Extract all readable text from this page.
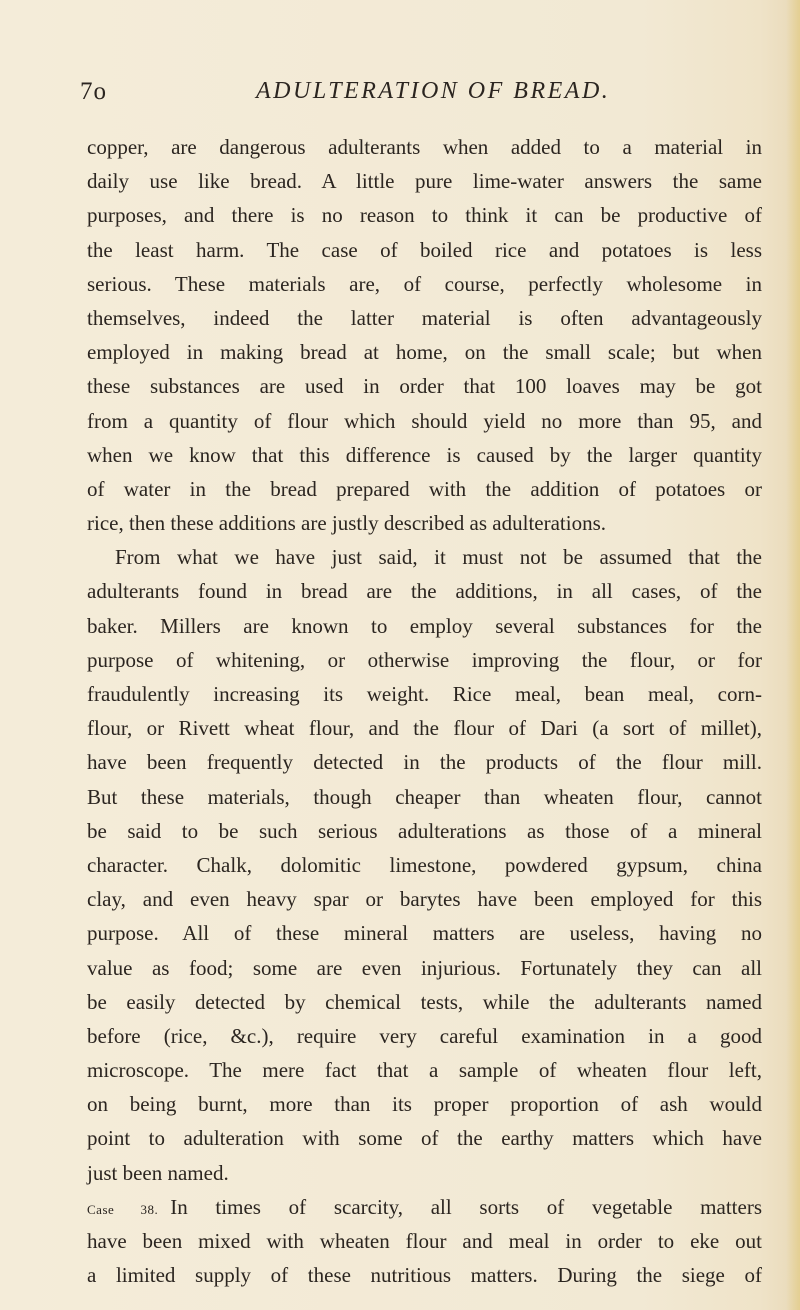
7o	ADULTERATION OF BREAD.
copper, are dangerous adulterants when added to a material in
daily use like bread. A little pure lime-water answers the same
purposes, and there is no reason to think it can be productive of
the least harm. The case of boiled rice and potatoes is less
serious. These materials are, of course, perfectly wholesome in
themselves, indeed the latter material is often advantageously
employed in making bread at home, on the small scale; but when
these substances are used in order that 100 loaves may be got
from a quantity of flour which should yield no more than 95, and
when we know that this difference is caused by the larger quantity
of water in the bread prepared with the addition of potatoes or
rice, then these additions are justly described as adulterations.
From what we have just said, it must not be assumed that the
adulterants found in bread are the additions, in all cases, of the
baker. Millers are known to employ several substances for the
purpose of whitening, or otherwise improving the flour, or for
fraudulently increasing its weight. Rice meal, bean meal, corn-
flour, or Rivett wheat flour, and the flour of Dari (a sort of millet),
have been frequently detected in the products of the flour mill.
But these materials, though cheaper than wheaten flour, cannot
be said to be such serious adulterations as those of a mineral
character. Chalk, dolomitic limestone, powdered gypsum, china
clay, and even heavy spar or barytes have been employed for this
purpose. All of these mineral matters are useless, having no
value as food; some are even injurious. Fortunately they can all
be easily detected by chemical tests, while the adulterants named
before (rice, &c.), require very careful examination in a good
microscope. The mere fact that a sample of wheaten flour left,
on being burnt, more than its proper proportion of ash would
point to adulteration with some of the earthy matters which have
just been named.
Case 38. In times of scarcity, all sorts of vegetable matters
have been mixed with wheaten flour and meal in order to eke out
a limited supply of these nutritious matters. During the siege of
